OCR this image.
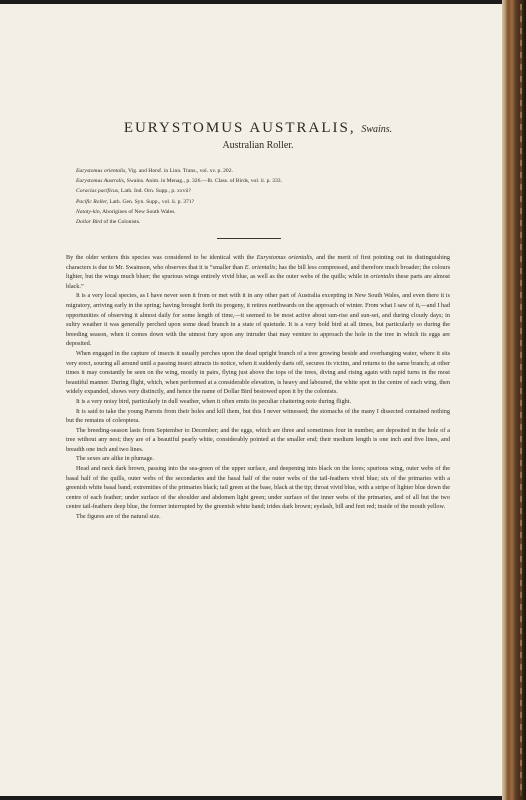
EURYSTOMUS AUSTRALIS, Swains.
Australian Roller.
Eurystomus orientalis, Vig. and Horsf. in Linn. Trans., vol. xv. p. 202.
Eurystomus Australis, Swains. Anim. in Menag., p. 326.—Ib. Class. of Birds, vol. ii. p. 333.
Coracias pacificus, Lath. Ind. Orn. Supp., p. xxvii?
Pacific Roller, Lath. Gen. Syn. Supp., vol. ii. p. 371?
Nataty-kin, Aborigines of New South Wales.
Dollar Bird of the Colonists.

By the older writers this species was considered to be identical with the Eurystomus orientalis, and the merit of first pointing out its distinguishing characters is due to Mr. Swainson, who observes that it is “smaller than E. orientalis; has the bill less compressed, and therefore much broader; the colours lighter, but the wings much bluer; the spurious wings entirely vivid blue, as well as the outer webs of the quills; while in orientalis these parts are almost black.”

It is a very local species, as I have never seen it from or met with it in any other part of Australia excepting in New South Wales, and even there it is migratory, arriving early in the spring; having brought forth its progeny, it retires northwards on the approach of winter. From what I saw of it,—and I had opportunities of observing it almost daily for some length of time,—it seemed to be most active about sun-rise and sun-set, and during cloudy days; in sultry weather it was generally perched upon some dead branch in a state of quietude. It is a very bold bird at all times, but particularly so during the breeding season, when it comes down with the utmost fury upon any intruder that may venture to approach the hole in the tree in which its eggs are deposited.

When engaged in the capture of insects it usually perches upon the dead upright branch of a tree growing beside and overhanging water, where it sits very erect, souring all around until a passing insect attracts its notice, when it suddenly darts off, secures its victim, and returns to the same branch; at other times it may constantly be seen on the wing, mostly in pairs, flying just above the tops of the trees, diving and rising again with rapid turns in the most beautiful manner. During flight, which, when performed at a considerable elevation, is heavy and laboured, the white spot in the centre of each wing, then widely expanded, shows very distinctly, and hence the name of Dollar Bird bestowed upon it by the colonists.

It is a very noisy bird, particularly in dull weather, when it often emits its peculiar chattering note during flight.

It is said to take the young Parrots from their holes and kill them, but this I never witnessed; the stomachs of the many I dissected contained nothing but the remains of coleoptera.

The breeding-season lasts from September to December; and the eggs, which are three and sometimes four in number, are deposited in the hole of a tree without any nest; they are of a beautiful pearly white, considerably pointed at the smaller end; their medium length is one inch and five lines, and breadth one inch and two lines.

The sexes are alike in plumage.

Head and neck dark brown, passing into the sea-green of the upper surface, and deepening into black on the lores; spurious wing, outer webs of the basal half of the quills, outer webs of the secondaries and the basal half of the outer webs of the tail-feathers vivid blue; six of the primaries with a greenish white basal band; extremities of the primaries black; tail green at the base, black at the tip; throat vivid blue, with a stripe of lighter blue down the centre of each feather; under surface of the shoulder and abdomen light green; under surface of the inner webs of the primaries, and of all but the two centre tail-feathers deep blue, the former interrupted by the greenish white band; irides dark brown; eyelash, bill and feet red; inside of the mouth yellow.

The figures are of the natural size.
